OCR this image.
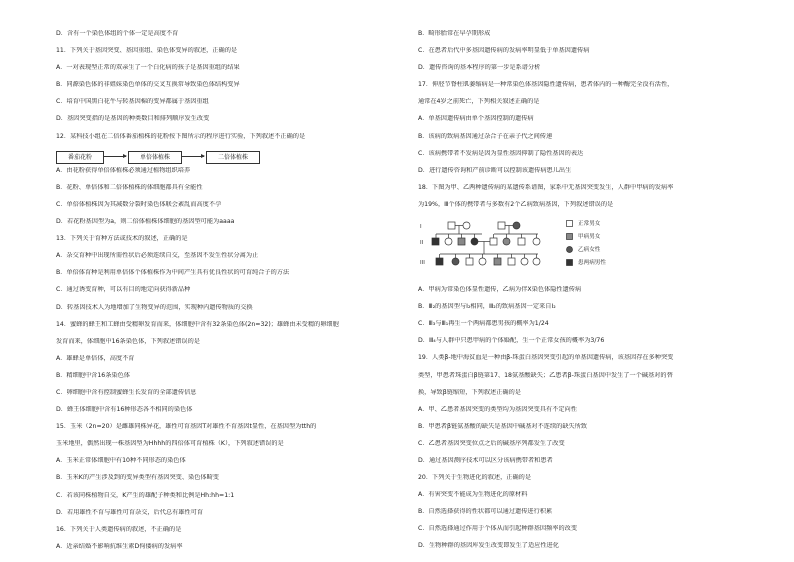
D．含有一个染色体组的个体一定是高度不育
11．下列关于基因突变、基因重组、染色体变异的叙述，正确的是
A．一对表现型正常的双亲生了一个白化病的孩子是基因重组的结果
B．同源染色体的非姐妹染色单体的交叉互换常导致染色体结构变异
C．培育中国黑白花牛与转基因棉的变异都属于基因重组
D．基因突变指的是基因的种类数目和排列顺序发生改变
12．某科技小组在二倍体番茄植株的花粉按下图所示的程序进行实验，下列叙述不正确的是
番茄花粉	单倍体植株	二倍体植株
A．由花粉获得单倍体植株必须通过植物组织培养
B．花粉、单倍体和二倍体植株的体细胞都具有全能性
C．单倍体植株因为其减数分裂时染色体联会紊乱而高度不孕
D．若花粉基因型为a，则二倍体植株体细胞的基因型可能为aaaa
13．下列关于育种方法或技术的叙述，正确的是
A．杂交育种中出现所需性状后必须连续自交，至基因不发生性状分离为止
B．单倍体育种是利用单倍体个体植株作为中间产生具有优良性状的可育纯合子的方法
C．通过诱变育种，可以有目的地定向获得新品种
D．转基因技术人为地增加了生物变异的范围，实现种内遗传物质的交换
14．蜜蜂的蜂王和工蜂由受精卵发育而来，体细胞中含有32条染色体(2n=32)；雄蜂由未受精的卵细胞
发育而来，体细胞中16条染色体，下列叙述错误的是
A．雄蜂是单倍体，高度不育
B．精细胞中含16条染色体
C．卵细胞中含有控制蜜蜂生长发育的全部遗传信息
D．蜂王体细胞中含有16种形态各不相同的染色体
15．玉米（2n=20）是雌雄同株异花，雄性可育基因T对雄性不育基因t显性，在基因型为tth的
玉米地里，偶然出现一株基因型为Hhhh的四倍体可育植株（K），下列叙述错误的是
A．玉米正常体细胞中有10种不同形态的染色体
B．玉米K的产生涉及到的变异类型有基因突变、染色体畸变
C．若该同株植物自交，K产生的雄配子种类和比例是Hh:hh=1:1
D．若用雄性不育与雄性可育杂交，后代总有雄性可育
16．下列关于人类遗传病的叙述，不正确的是
A．近亲结婚不影响抗维生素D佝偻病的发病率
B．畸形胎常在早孕期形成
C．在患者后代中多基因遗传病的发病率明显低于单基因遗传病
D．遗传咨询的基本程序的第一步是系谱分析
17．伸胫节脊柱肌萎缩病是一种常染色体基因隐性遗传病，患者体内的一种酶完全没有活性，
通常在4岁之前死亡，下列相关叙述正确的是
A．单基因遗传病由单个基因控制的遗传病
B．该病的致病基因通过杂合子在亲子代之间传递
C．该病携带者不发病是因为显性基因抑制了隐性基因的表达
D．进行遗传咨询和产前诊断可以控制该遗传病患儿出生
18．下图为甲、乙两种遗传病的某遗传系谱图，家系中无基因突变发生，人群中甲病的发病率
为19%，Ⅲ个体的携带者与多数有2个乙病致病基因，下列叙述错误的是
I
II
III
正常男女
甲病男女
乙病女性
患两病男性
A．甲病为常染色体显性遗传，乙病为伴X染色体隐性遗传病
B．Ⅲ₂的基因型与Ⅰ₂相同，Ⅲ₂的致病基因一定来自Ⅰ₂
C．Ⅲ₃与Ⅲ₁再生一个两病都患男孩的概率为1/24
D．Ⅲ₄与人群中只患甲病的个体婚配，生一个正常女孩的概率为3/76
19．人类β-地中海贫血是一种由β-珠蛋白基因突变引起的单基因遗传病，该基因存在多种突变
类型，甲患者珠蛋白β链第17、18氨基酸缺失；乙患者β-珠蛋白基因中发生了一个碱基对的替
换，导致β链缩短，下列叙述正确的是
A．甲、乙患者基因突变的类型均为基因突变具有不定向性
B．甲患者β链氨基酸的缺失是基因中碱基对不连续的缺失所致
C．乙患者基因突变位点之后的碱基序列都发生了改变
D．通过基因测序技术可以区分该病携带者和患者
20．下列关于生物进化的叙述，正确的是
A．有害突变不能成为生物进化的原材料
B．自然选择获得的性状都可以通过遗传进行积累
C．自然选择通过作用于个体从而引起种群基因频率的改变
D．生物种群的基因库发生改变即发生了适应性进化
